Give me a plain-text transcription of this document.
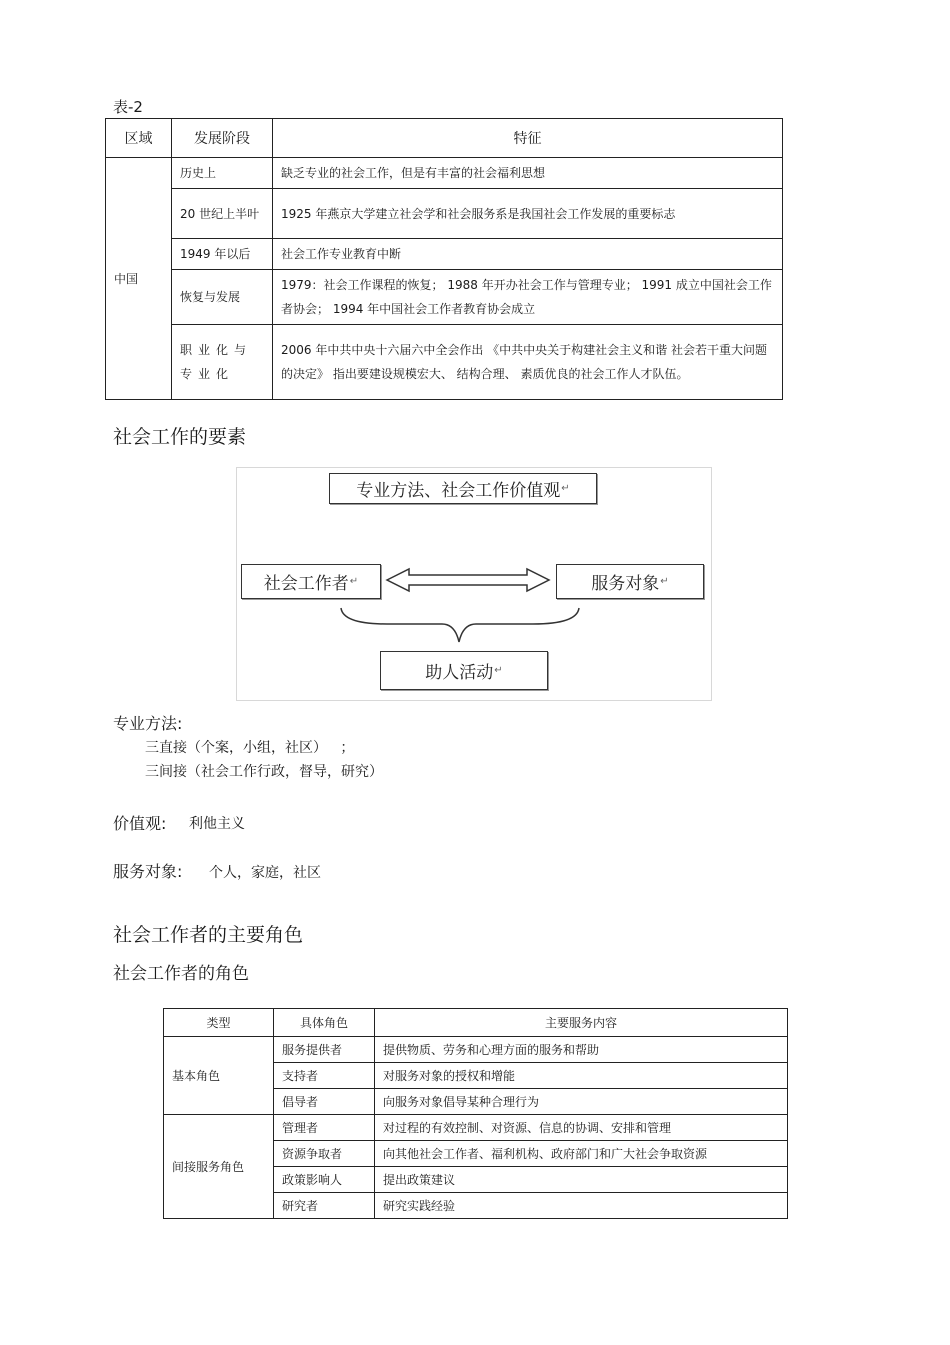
表-2
区域	发展阶段	特征
中国	历史上	缺乏专业的社会工作，但是有丰富的社会福利思想
	20 世纪上半叶	1925 年燕京大学建立社会学和社会服务系是我国社会工作发展的重要标志
	1949 年以后	社会工作专业教育中断
	恢复与发展	1979：社会工作课程的恢复； 1988 年开办社会工作与管理专业； 1991 成立中国社会工作者协会； 1994 年中国社会工作者教育协会成立
	职业化与专业化	2006 年中共中央十六届六中全会作出 《中共中央关于构建社会主义和谐 社会若干重大问题的决定》 指出要建设规模宏大、 结构合理、 素质优良的社会工作人才队伍。
社会工作的要素
专业方法、社会工作价值观 ↵
社会工作者 ↵	服务对象 ↵
助人活动 ↵
专业方法:
三直接（个案，小组，社区）   ；
三间接（社会工作行政，督导，研究）
价值观: 利他主义
服务对象: 个人，家庭，社区
社会工作者的主要角色
社会工作者的角色
类型	具体角色	主要服务内容
基本角色	服务提供者	提供物质、劳务和心理方面的服务和帮助
	支持者	对服务对象的授权和增能
	倡导者	向服务对象倡导某种合理行为
间接服务角色	管理者	对过程的有效控制、对资源、信息的协调、安排和管理
	资源争取者	向其他社会工作者、福利机构、政府部门和广大社会争取资源
	政策影响人	提出政策建议
	研究者	研究实践经验
